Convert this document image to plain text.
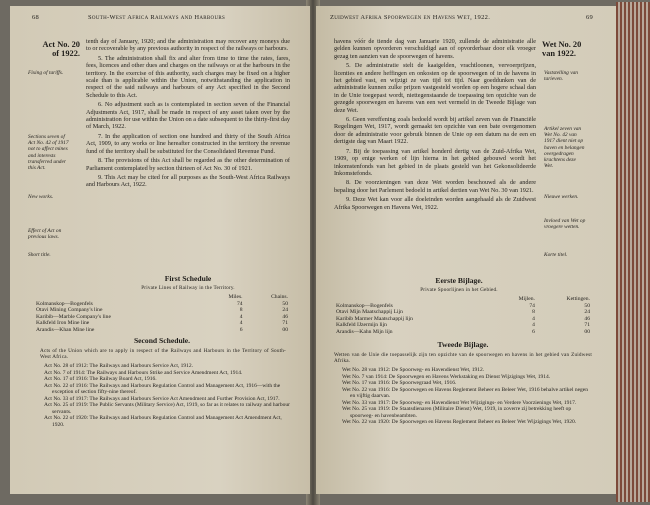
68	South-West Africa Railways and Harbours
Act No. 20
of 1922.
Fixing of tariffs.
Sections seven of Act No. 42 of 1917 not to affect mines and interests transferred under this Act.
New works.
Effect of Act on previous laws.
Short title.

tenth day of January, 1920; and the administration may recover any moneys due to or recoverable by any previous authority in respect of the railways or harbours.

5. The administration shall fix and alter from time to time the rates, fares, fees, licences and other dues and charges on the railways or at the harbours in the territory. In the exercise of this authority, such charges may be fixed on a higher scale than is applicable within the Union, notwithstanding the application in respect of the said railways and harbours of any Act specified in the Second Schedule to this Act.

6. No adjustment such as is contemplated in section seven of the Financial Adjustments Act, 1917, shall be made in respect of any asset taken over by the administration for use within the Union on a date subsequent to the thirty-first day of March, 1922.

7. In the application of section one hundred and thirty of the South Africa Act, 1909, to any works or line hereafter constructed in the territory the revenue fund of the territory shall be substituted for the Consolidated Revenue Fund.

8. The provisions of this Act shall be regarded as the other determination of Parliament contemplated by section thirteen of Act No. 30 of 1921.

9. This Act may be cited for all purposes as the South-West Africa Railways and Harbours Act, 1922.

First Schedule
Private Lines of Railway in the Territory.
	Miles.	Chains.
Kolmanskop—Bogenfels	74	50
Otavi Mining Company's line	8	24
Karibib—Marble Company's line	4	46
Kalkfeld Iron Mine line	4	71
Arandis—Khan Mine line	6	00
Second Schedule.
Acts of the Union which are to apply in respect of the Railways and Harbours in the Territory of South-West Africa.
Act No. 28 of 1912: The Railways and Harbours Service Act, 1912.
Act No. 7 of 1914: The Railways and Harbours Strike and Service Amendment Act, 1914.
Act No. 17 of 1916: The Railway Board Act, 1916.
Act No. 22 of 1916: The Railways and Harbours Regulation Control and Management Act, 1916—with the exception of section fifty-nine thereof.
Act No. 33 of 1917: The Railways and Harbours Service Act Amendment and Further Provision Act, 1917.
Act No. 25 of 1919: The Public Servants (Military Service) Act, 1919, so far as it relates to railway and harbour servants.
Act No. 22 of 1920: The Railways and Harbours Regulation Control and Management Act Amendment Act, 1920.
Zuidwest Afrika Spoorwegen en Havens Wet, 1922.	69
Wet No. 20
van 1922.
Vaststelling van tarieven.
Artikel zeven van Wet No. 42 van 1917 dient niet op haven en belangen overgedragen krachtens deze Wet.
Nieuwe werken.
Invloed van Wet op vroegere wetten.
Korte titel.

havens vóór de tiende dag van Januarie 1920, zullende de administratie alle gelden kunnen opvorderen verschuldigd aan of opvorderbaar door elk vroeger gezag ten aanzien van de spoorwegen of havens.

5. De administratie stelt de kaaigelden, vrachtloonen, vervoerprijzen, licenties en andere heffingen en onkosten op de spoorwegen of in de havens in het gebied vast, en wijzigt ze van tijd tot tijd. Naar goeddunken van de administratie kunnen zulke prijzen vastgesteld worden op een hogere schaal dan in de Unie toegepast wordt, niettegenstaande de toepassing ten opzichte van de gezegde spoorwegen en havens van een wet vermeld in de Tweede Bijlage van deze Wet.

6. Geen vereffening zoals bedoeld wordt bij artikel zeven van de Financiële Regelingen Wet, 1917, wordt gemaakt ten opzichte van een bate overgenomen door de administratie voor gebruik binnen de Unie op een datum na de een en dertigste dag van Maart 1922.

7. Bij de toepassing van artikel honderd dertig van de Zuid-Afrika Wet, 1909, op enige werken of lijn hierna in het gebied gebouwd wordt het inkomstenfonds van het gebied in de plaats gesteld van het Gekonsolideerde Inkomstefonds.

8. De voorzieningen van deze Wet worden beschouwd als de andere bepaling door het Parlement bedoeld in artikel dertien van Wet No. 30 van 1921.

9. Deze Wet kan voor alle doeleinden worden aangehaald als de Zuidwest Afrika Spoorwegen en Havens Wet, 1922.

Eerste Bijlage.
Private Spoorlijnen in het Gebied.
	Mijlen.	Kettingen.
Kolmanskop—Bogenfels	74	50
Otavi Mijn Maatschappij Lijn	8	24
Karibib Marmer Maatschappij lijn	4	46
Kalkfeld IJzermijn lijn	4	71
Arandis—Kahn Mijn lijn	6	00
Tweede Bijlage.
Wetten van de Unie die toepasselijk zijn ten opzichte van de spoorwegen en havens in het gebied van Zuidwest Afrika.
Wet No. 28 van 1912: De Spoorweg- en Havendienst Wet, 1912.
Wet No. 7 van 1914: De Spoorwegen en Havens Werkstaking en Dienst Wijzigings Wet, 1914.
Wet No. 17 van 1916: De Spoorwegraad Wet, 1916.
Wet No. 22 van 1916: De Spoorwegen en Havens Reglement Beheer en Beleer Wet, 1916 behalve artikel negen en vijftig daarvan.
Wet No. 33 van 1917: De Spoorweg- en Havendienst Wet Wijzigings- en Verdere Voorzienings Wet, 1917.
Wet No. 25 van 1919: De Staatsdienaren (Militaire Dienst) Wet, 1919, in zoverre zij betrekking heeft op spoorweg- en havenbeambten.
Wet No. 22 van 1920: De Spoorwegen en Havens Reglement Beheer en Beleer Wet Wijzigings Wet, 1920.
